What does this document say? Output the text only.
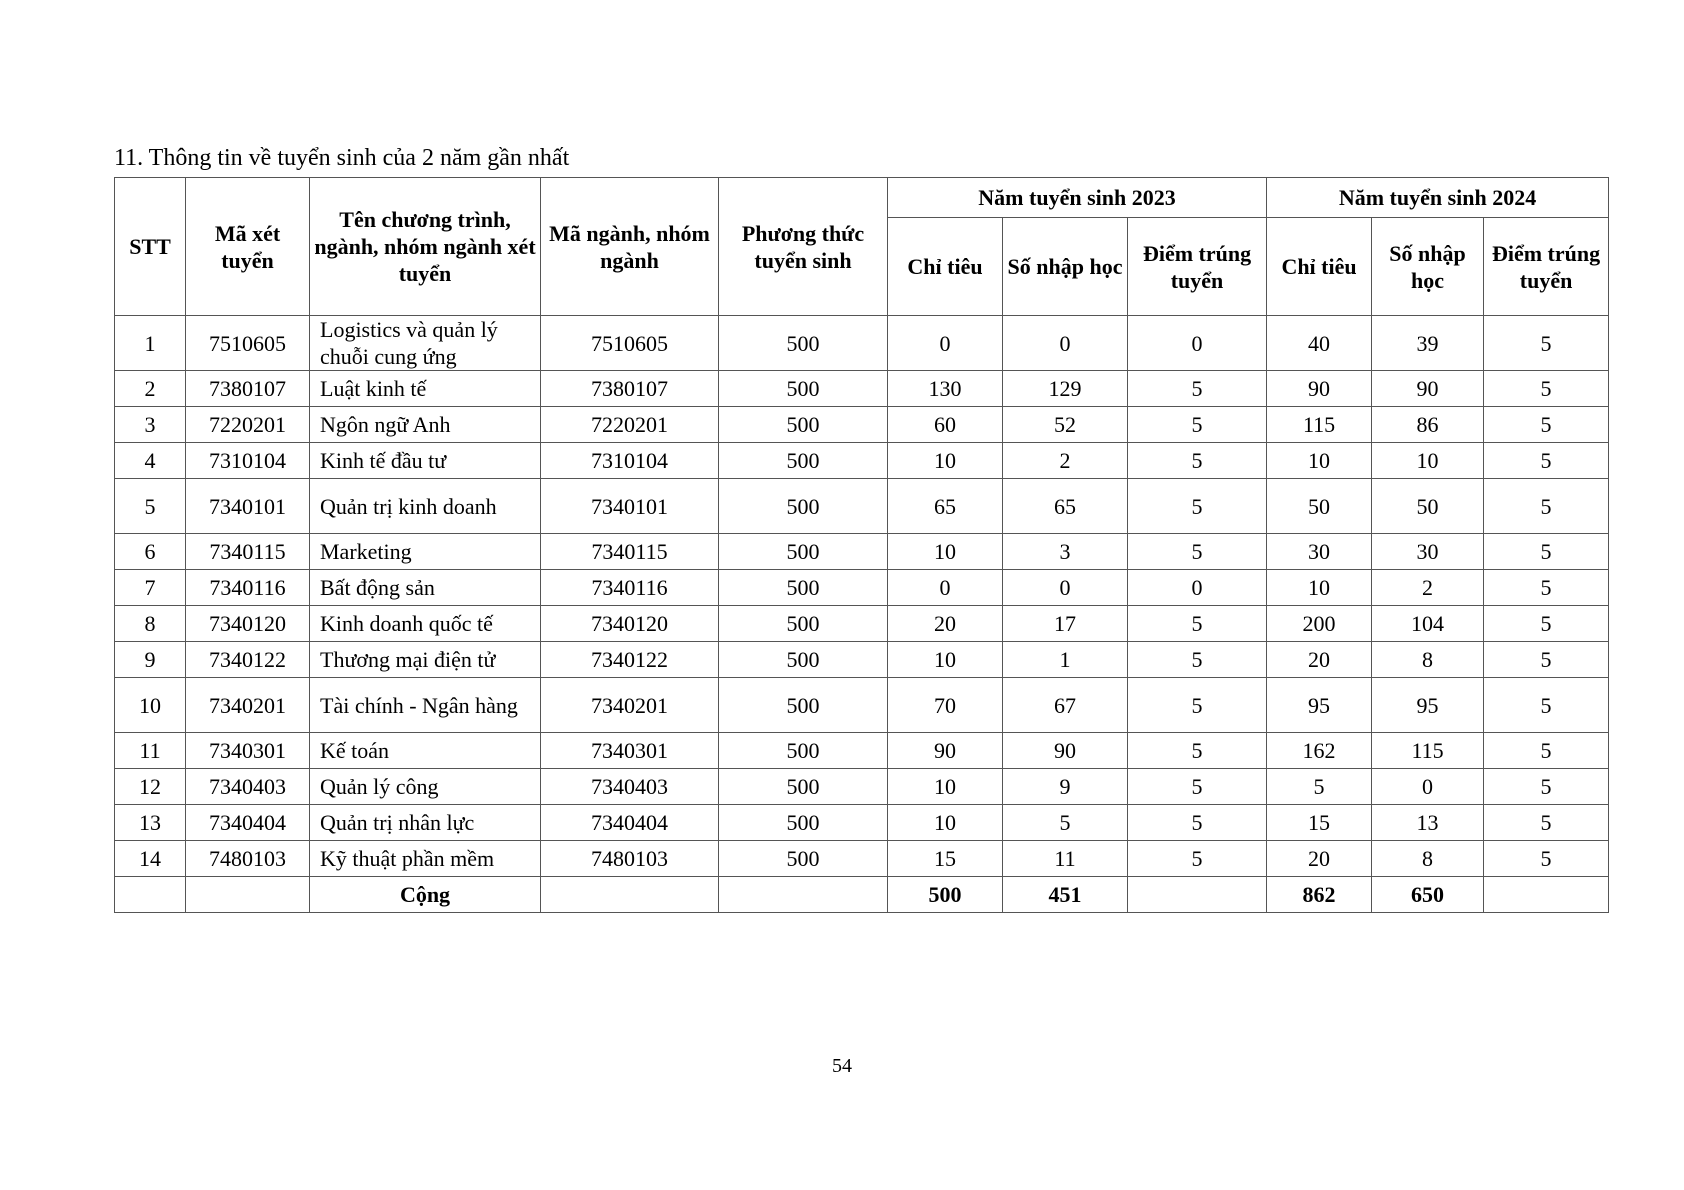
11. Thông tin về tuyển sinh của 2 năm gần nhất
STT	Mã xét tuyển	Tên chương trình, ngành, nhóm ngành xét tuyển	Mã ngành, nhóm ngành	Phương thức tuyển sinh	Năm tuyển sinh 2023			Năm tuyển sinh 2024		
					Chỉ tiêu	Số nhập học	Điểm trúng tuyển	Chỉ tiêu	Số nhập học	Điểm trúng tuyển
1	7510605	Logistics và quản lý chuỗi cung ứng	7510605	500	0	0	0	40	39	5
2	7380107	Luật kinh tế	7380107	500	130	129	5	90	90	5
3	7220201	Ngôn ngữ Anh	7220201	500	60	52	5	115	86	5
4	7310104	Kinh tế đầu tư	7310104	500	10	2	5	10	10	5
5	7340101	Quản trị kinh doanh	7340101	500	65	65	5	50	50	5
6	7340115	Marketing	7340115	500	10	3	5	30	30	5
7	7340116	Bất động sản	7340116	500	0	0	0	10	2	5
8	7340120	Kinh doanh quốc tế	7340120	500	20	17	5	200	104	5
9	7340122	Thương mại điện tử	7340122	500	10	1	5	20	8	5
10	7340201	Tài chính - Ngân hàng	7340201	500	70	67	5	95	95	5
11	7340301	Kế toán	7340301	500	90	90	5	162	115	5
12	7340403	Quản lý công	7340403	500	10	9	5	5	0	5
13	7340404	Quản trị nhân lực	7340404	500	10	5	5	15	13	5
14	7480103	Kỹ thuật phần mềm	7480103	500	15	11	5	20	8	5
		Cộng			500	451		862	650	
54
